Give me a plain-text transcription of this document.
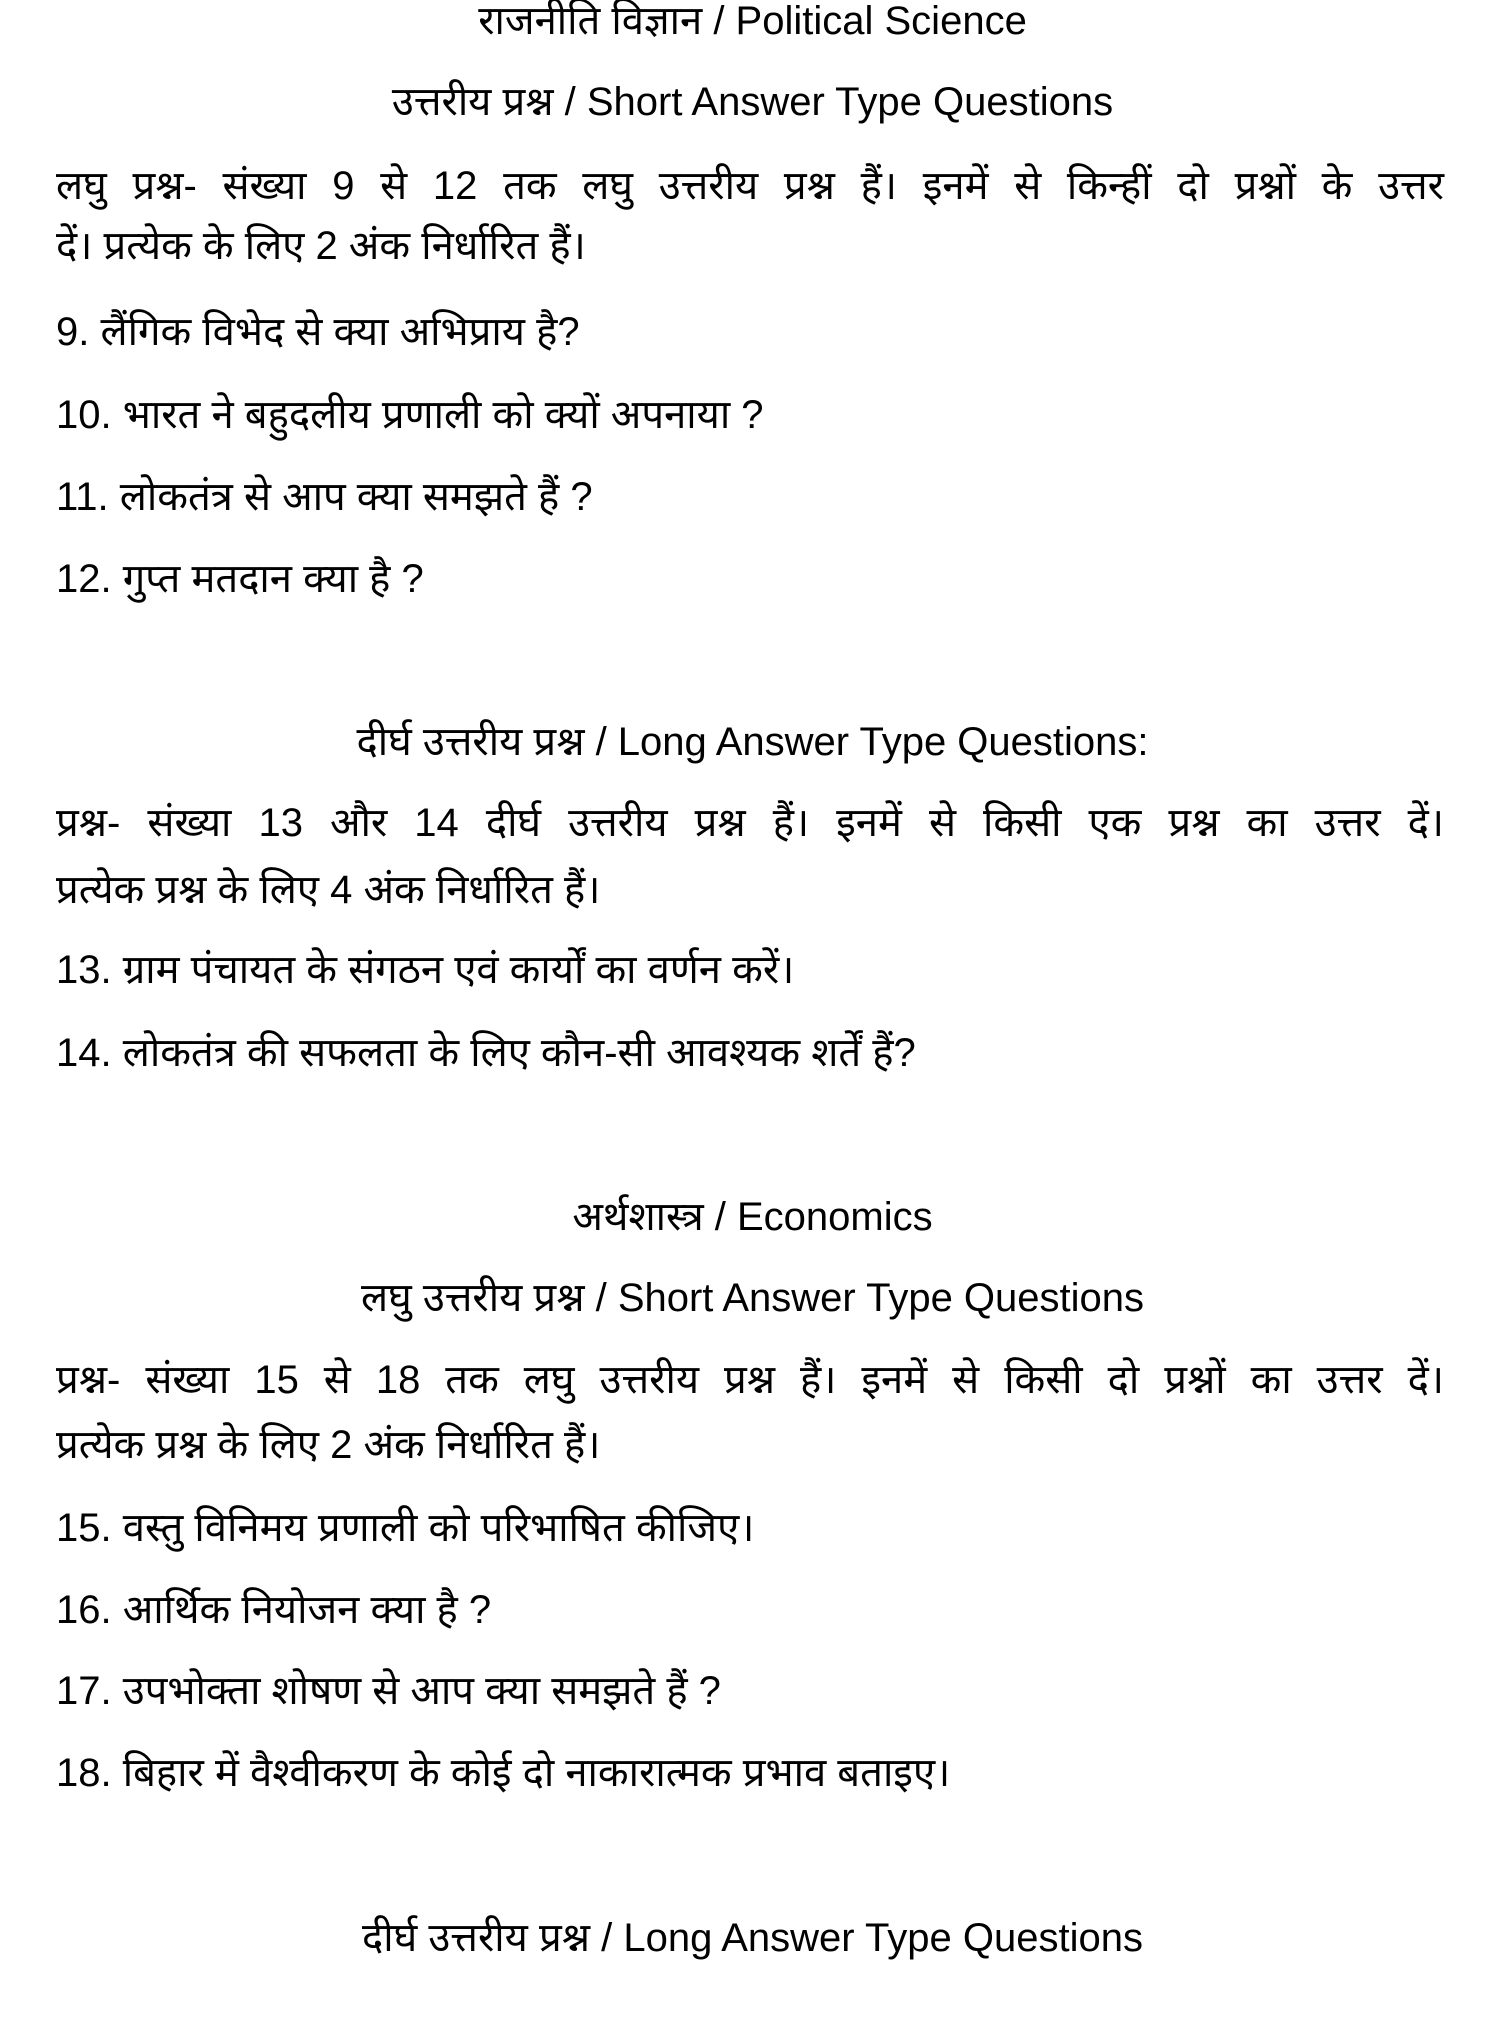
राजनीति विज्ञान / Political Science
उत्तरीय प्रश्न / Short Answer Type Questions
लघु प्रश्न- संख्या 9 से 12 तक लघु उत्तरीय प्रश्न हैं। इनमें से किन्हीं दो प्रश्नों के उत्तर
दें। प्रत्येक के लिए 2 अंक निर्धारित हैं।
9. लैंगिक विभेद से क्या अभिप्राय है?
10. भारत ने बहुदलीय प्रणाली को क्यों अपनाया ?
11. लोकतंत्र से आप क्या समझते हैं ?
12. गुप्त मतदान क्या है ?
दीर्घ उत्तरीय प्रश्न / Long Answer Type Questions:
प्रश्न- संख्या 13 और 14 दीर्घ उत्तरीय प्रश्न हैं। इनमें से किसी एक प्रश्न का उत्तर दें।
प्रत्येक प्रश्न के लिए 4 अंक निर्धारित हैं।
13. ग्राम पंचायत के संगठन एवं कार्यों का वर्णन करें।
14. लोकतंत्र की सफलता के लिए कौन-सी आवश्यक शर्तें हैं?
अर्थशास्त्र / Economics
लघु उत्तरीय प्रश्न / Short Answer Type Questions
प्रश्न- संख्या 15 से 18 तक लघु उत्तरीय प्रश्न हैं। इनमें से किसी दो प्रश्नों का उत्तर दें।
प्रत्येक प्रश्न के लिए 2 अंक निर्धारित हैं।
15. वस्तु विनिमय प्रणाली को परिभाषित कीजिए।
16. आर्थिक नियोजन क्या है ?
17. उपभोक्ता शोषण से आप क्या समझते हैं ?
18. बिहार में वैश्वीकरण के कोई दो नाकारात्मक प्रभाव बताइए।
दीर्घ उत्तरीय प्रश्न / Long Answer Type Questions
